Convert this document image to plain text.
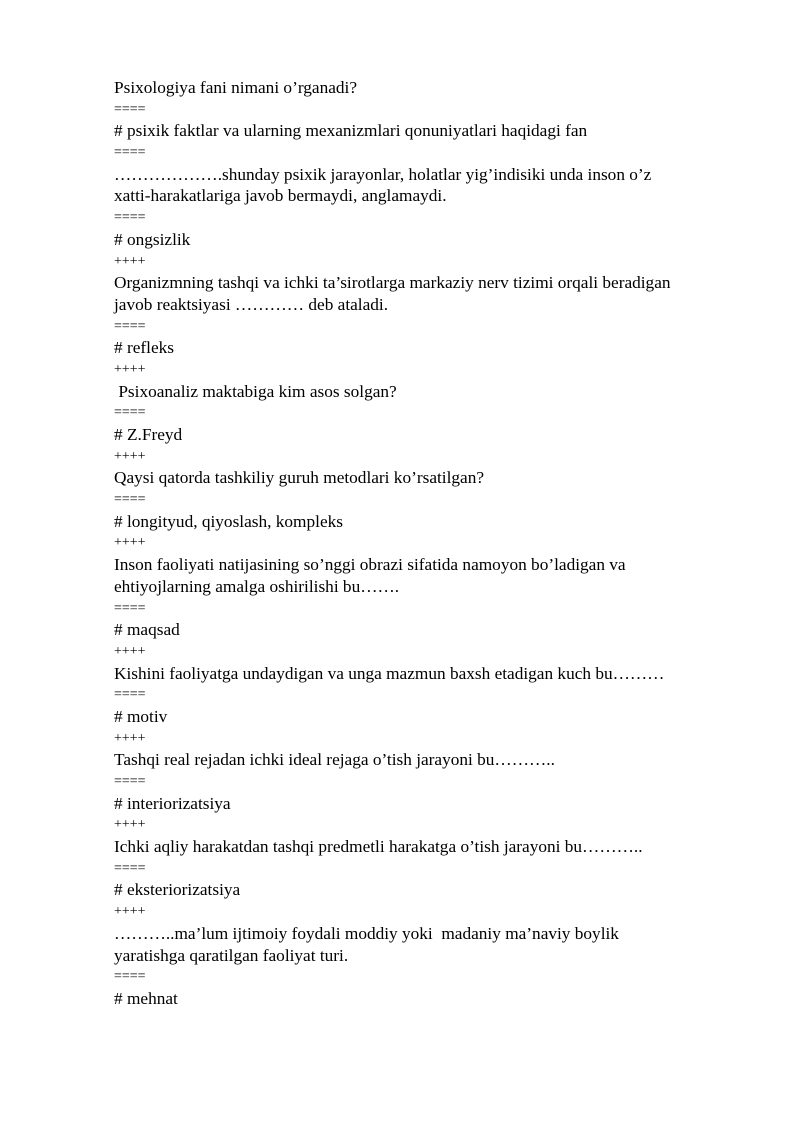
Psixologiya fani nimani o’rganadi?
====
# psixik faktlar va ularning mexanizmlari qonuniyatlari haqidagi fan
====
……………….shunday psixik jarayonlar, holatlar yig’indisiki unda inson o’z
xatti-harakatlariga javob bermaydi, anglamaydi.
====
# ongsizlik
++++
Organizmning tashqi va ichki ta’sirotlarga markaziy nerv tizimi orqali beradigan
javob reaktsiyasi ………… deb ataladi.
====
# refleks
++++
Psixoanaliz maktabiga kim asos solgan?
====
# Z.Freyd
++++
Qaysi qatorda tashkiliy guruh metodlari ko’rsatilgan?
====
# longityud, qiyoslash, kompleks
++++
Inson faoliyati natijasining so’nggi obrazi sifatida namoyon bo’ladigan va
ehtiyojlarning amalga oshirilishi bu…….
====
# maqsad
++++
Kishini faoliyatga undaydigan va unga mazmun baxsh etadigan kuch bu………
====
# motiv
++++
Tashqi real rejadan ichki ideal rejaga o’tish jarayoni bu………..
====
# interiorizatsiya
++++
Ichki aqliy harakatdan tashqi predmetli harakatga o’tish jarayoni bu………..
====
# eksteriorizatsiya
++++
………..ma’lum ijtimoiy foydali moddiy yoki  madaniy ma’naviy boylik
yaratishga qaratilgan faoliyat turi.
====
# mehnat
